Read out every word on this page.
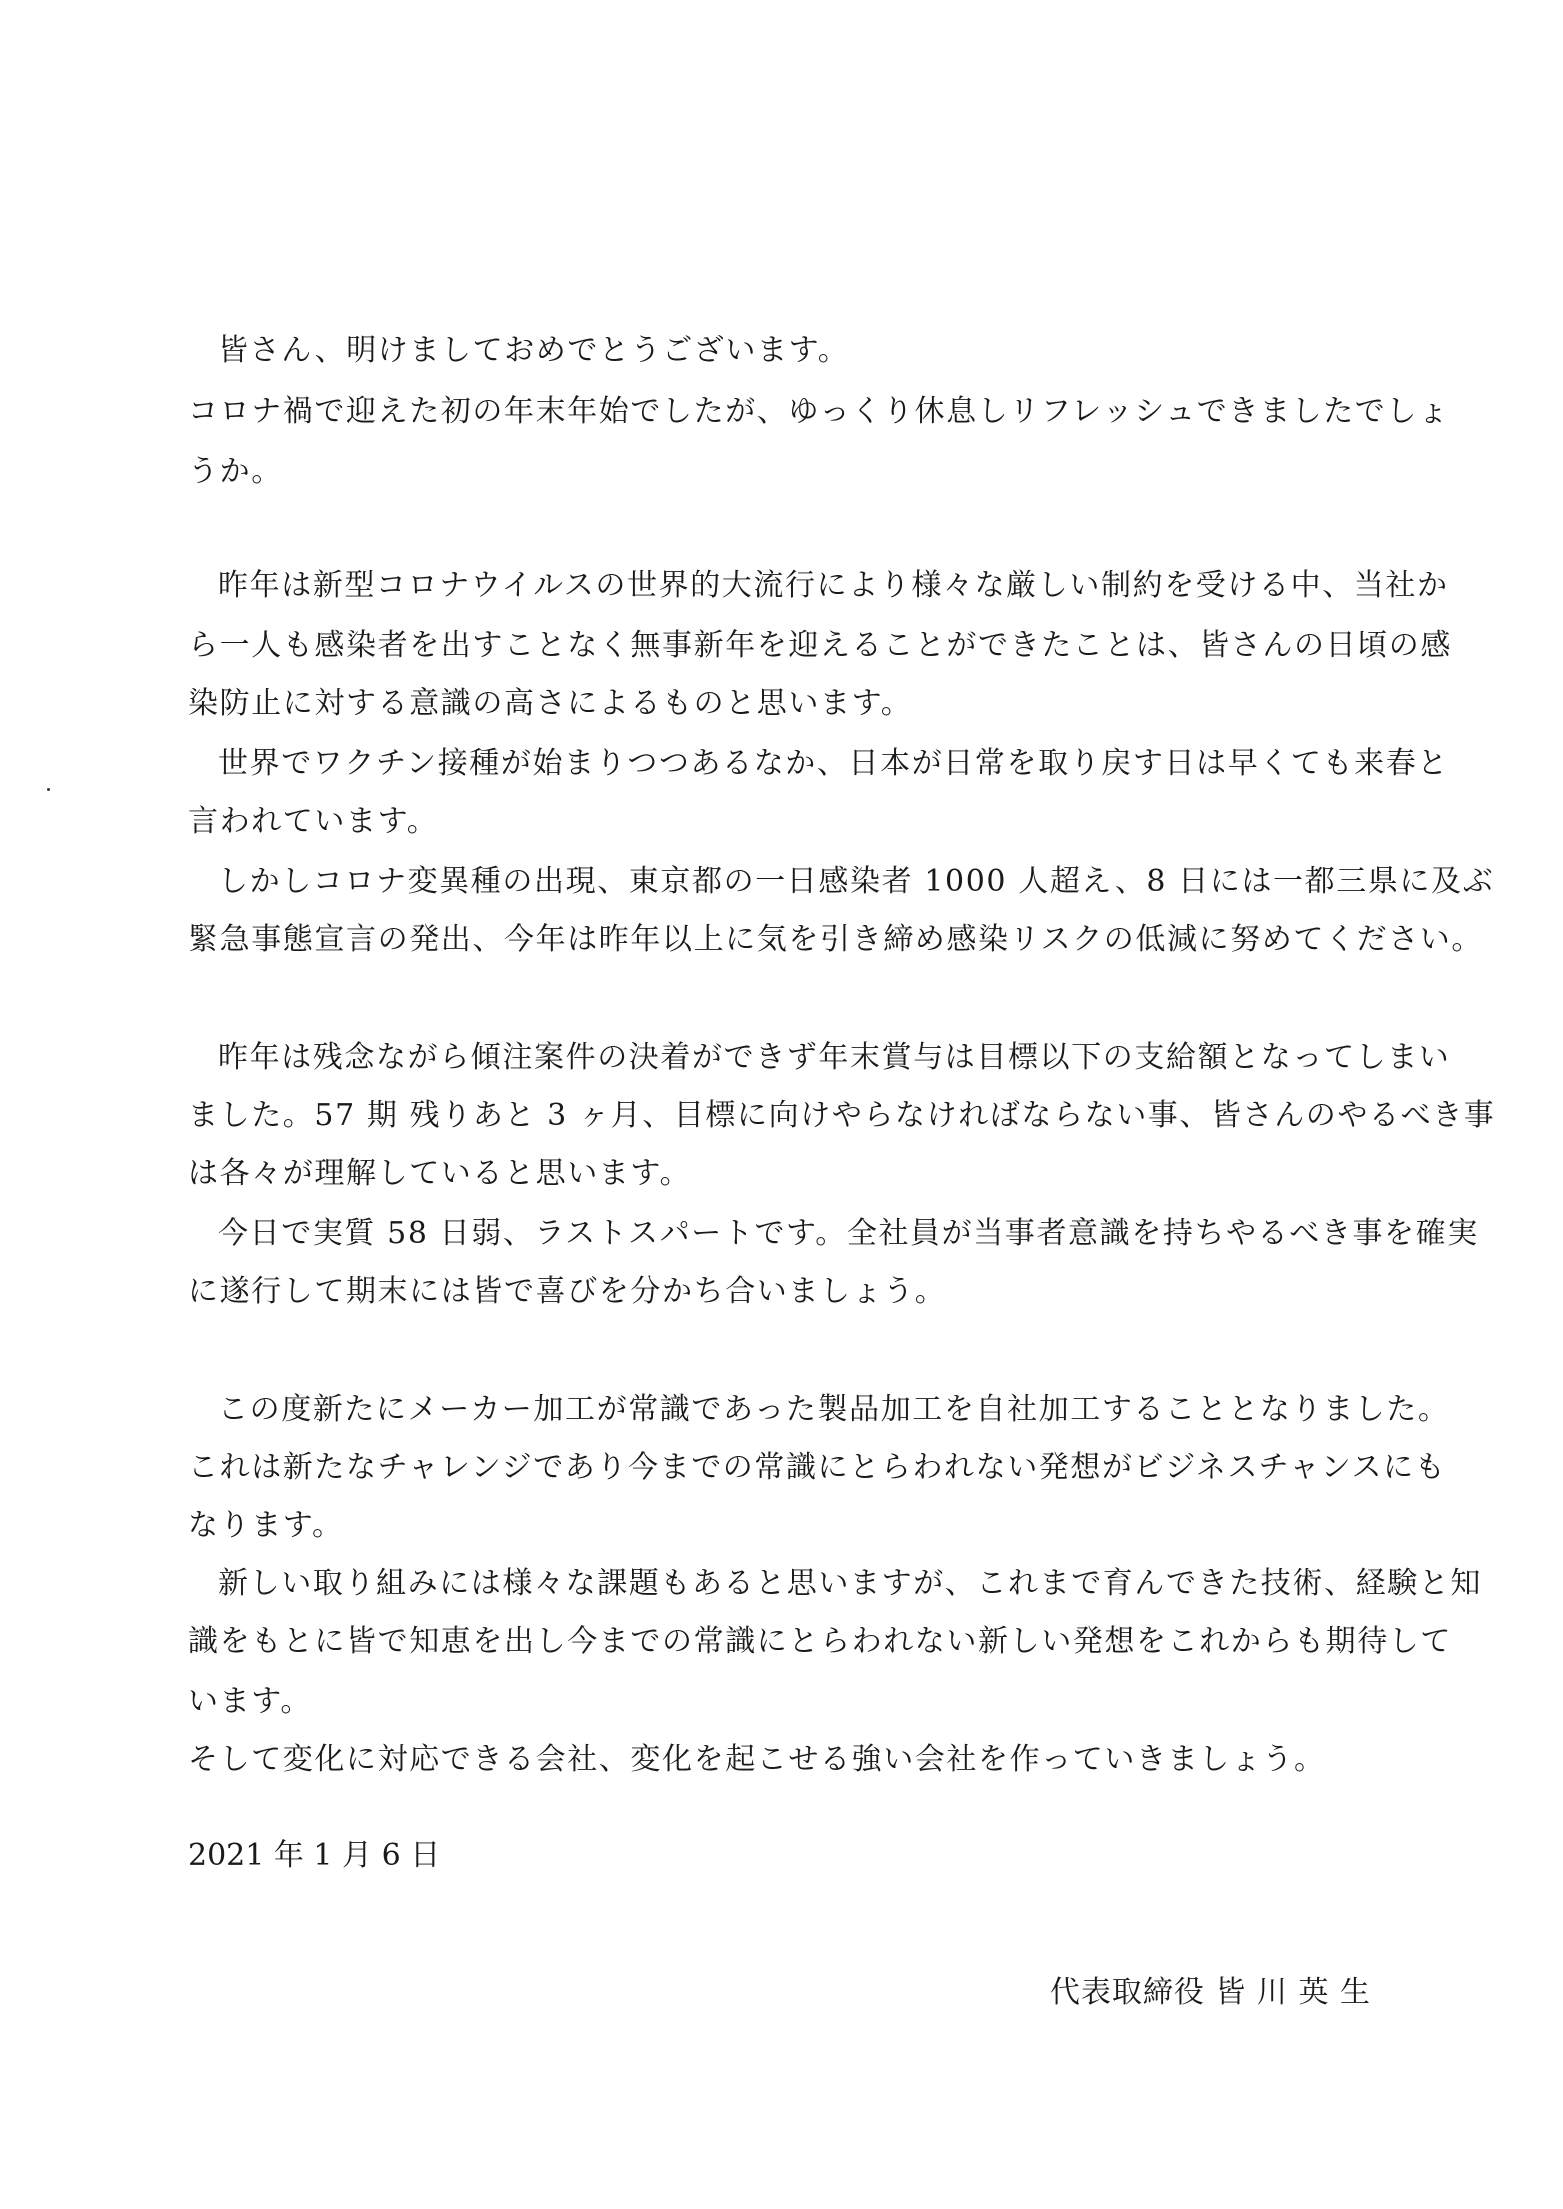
皆さん、明けましておめでとうございます。
コロナ禍で迎えた初の年末年始でしたが、ゆっくり休息しリフレッシュできましたでしょ
うか。
昨年は新型コロナウイルスの世界的大流行により様々な厳しい制約を受ける中、当社か
ら一人も感染者を出すことなく無事新年を迎えることができたことは、皆さんの日頃の感
染防止に対する意識の高さによるものと思います。
世界でワクチン接種が始まりつつあるなか、日本が日常を取り戻す日は早くても来春と
言われています。
しかしコロナ変異種の出現、東京都の一日感染者 1000 人超え、8 日には一都三県に及ぶ
緊急事態宣言の発出、今年は昨年以上に気を引き締め感染リスクの低減に努めてください。
昨年は残念ながら傾注案件の決着ができず年末賞与は目標以下の支給額となってしまい
ました。57 期 残りあと 3 ヶ月、目標に向けやらなければならない事、皆さんのやるべき事
は各々が理解していると思います。
今日で実質 58 日弱、ラストスパートです。全社員が当事者意識を持ちやるべき事を確実
に遂行して期末には皆で喜びを分かち合いましょう。
この度新たにメーカー加工が常識であった製品加工を自社加工することとなりました。
これは新たなチャレンジであり今までの常識にとらわれない発想がビジネスチャンスにも
なります。
新しい取り組みには様々な課題もあると思いますが、これまで育んできた技術、経験と知
識をもとに皆で知恵を出し今までの常識にとらわれない新しい発想をこれからも期待して
います。
そして変化に対応できる会社、変化を起こせる強い会社を作っていきましょう。
2021 年 1 月 6 日
代表取締役 皆 川 英 生
